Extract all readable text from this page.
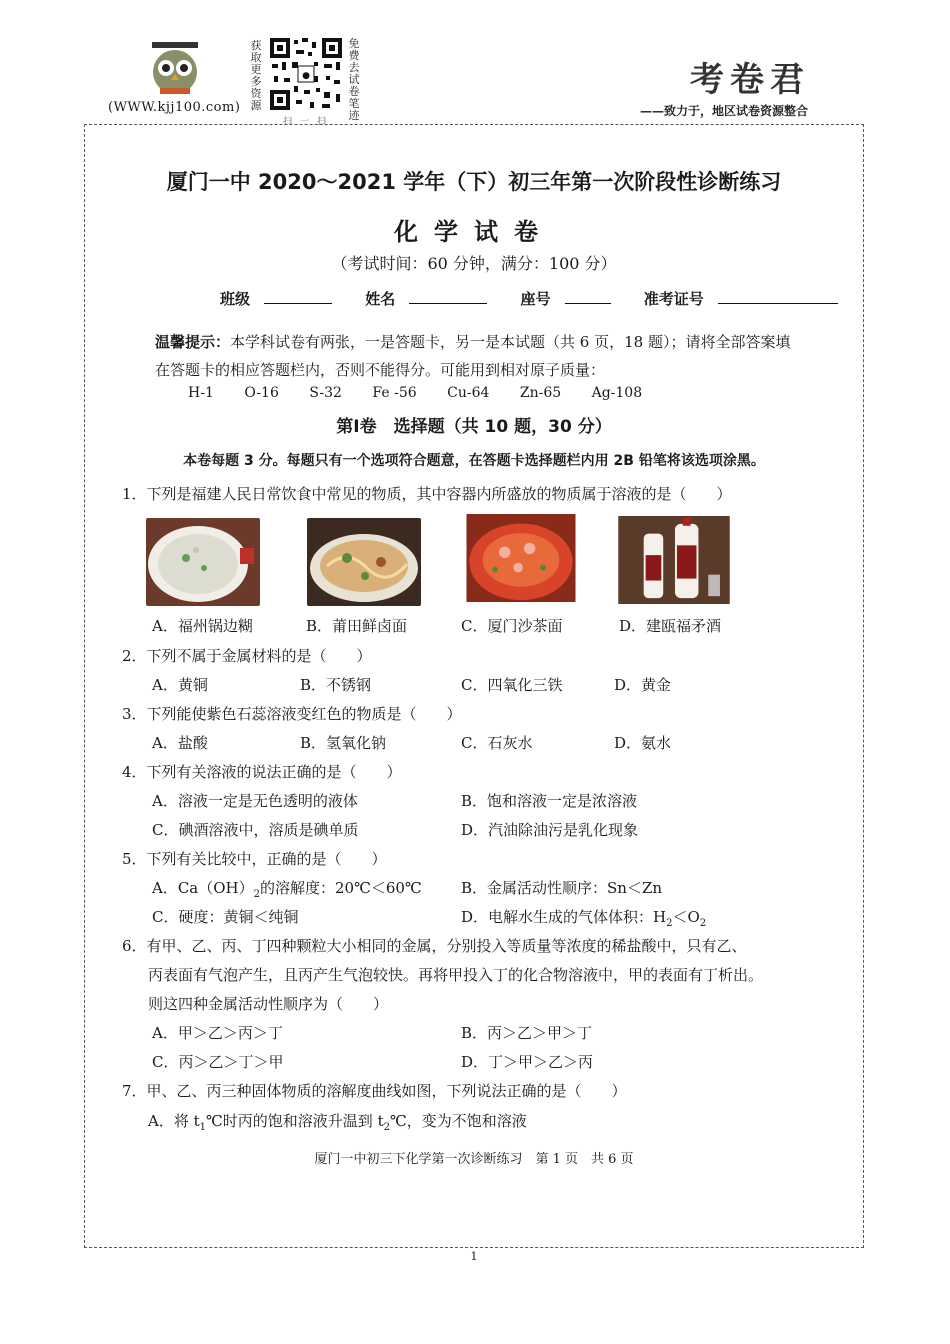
(WWW.kjj100.com)
获取更多资源
●
免费去试卷笔迹
扫一扫
考卷君
——致力于，地区试卷资源整合
厦门一中 2020～2021 学年（下）初三年第一次阶段性诊断练习
化学试卷
（考试时间：60 分钟，满分：100 分）
班级	姓名	座号	准考证号
温馨提示：本学科试卷有两张，一是答题卡，另一是本试题（共 6 页，18 题）；请将全部答案填在答题卡的相应答题栏内，否则不能得分。可能用到相对原子质量：
H-1 O-16 S-32 Fe -56 Cu-64 Zn-65 Ag-108
第Ⅰ卷　选择题（共 10 题，30 分）
本卷每题 3 分。每题只有一个选项符合题意，在答题卡选择题栏内用 2B 铅笔将该选项涂黑。
1．下列是福建人民日常饮食中常见的物质，其中容器内所盛放的物质属于溶液的是（　　）
A．福州锅边糊	B．莆田鲜卤面	C．厦门沙茶面	D．建瓯福矛酒
2．下列不属于金属材料的是（　　）
A．黄铜	B．不锈钢	C．四氧化三铁	D．黄金
3．下列能使紫色石蕊溶液变红色的物质是（　　）
A．盐酸	B．氢氧化钠	C．石灰水	D．氨水
4．下列有关溶液的说法正确的是（　　）
A．溶液一定是无色透明的液体	B．饱和溶液一定是浓溶液
C．碘酒溶液中，溶质是碘单质	D．汽油除油污是乳化现象
5．下列有关比较中，正确的是（　　）
A．$Ca(OH)_2$的溶解度：20℃＜60℃	B．金属活动性顺序：Sn＜Zn
C．硬度：黄铜＜纯铜	D．电解水生成的气体体积：$H_2<O_2$
6．有甲、乙、丙、丁四种颗粒大小相同的金属，分别投入等质量等浓度的稀盐酸中，只有乙、
丙表面有气泡产生，且丙产生气泡较快。再将甲投入丁的化合物溶液中，甲的表面有丁析出。
则这四种金属活动性顺序为（　　）
A．甲＞乙＞丙＞丁	B．丙＞乙＞甲＞丁
C．丙＞乙＞丁＞甲	D．丁＞甲＞乙＞丙
7．甲、乙、丙三种固体物质的溶解度曲线如图，下列说法正确的是（　　）
A．将 $t_1℃$时丙的饱和溶液升温到 $t_2℃$，变为不饱和溶液
厦门一中初三下化学第一次诊断练习　第 1 页　共 6 页
1
